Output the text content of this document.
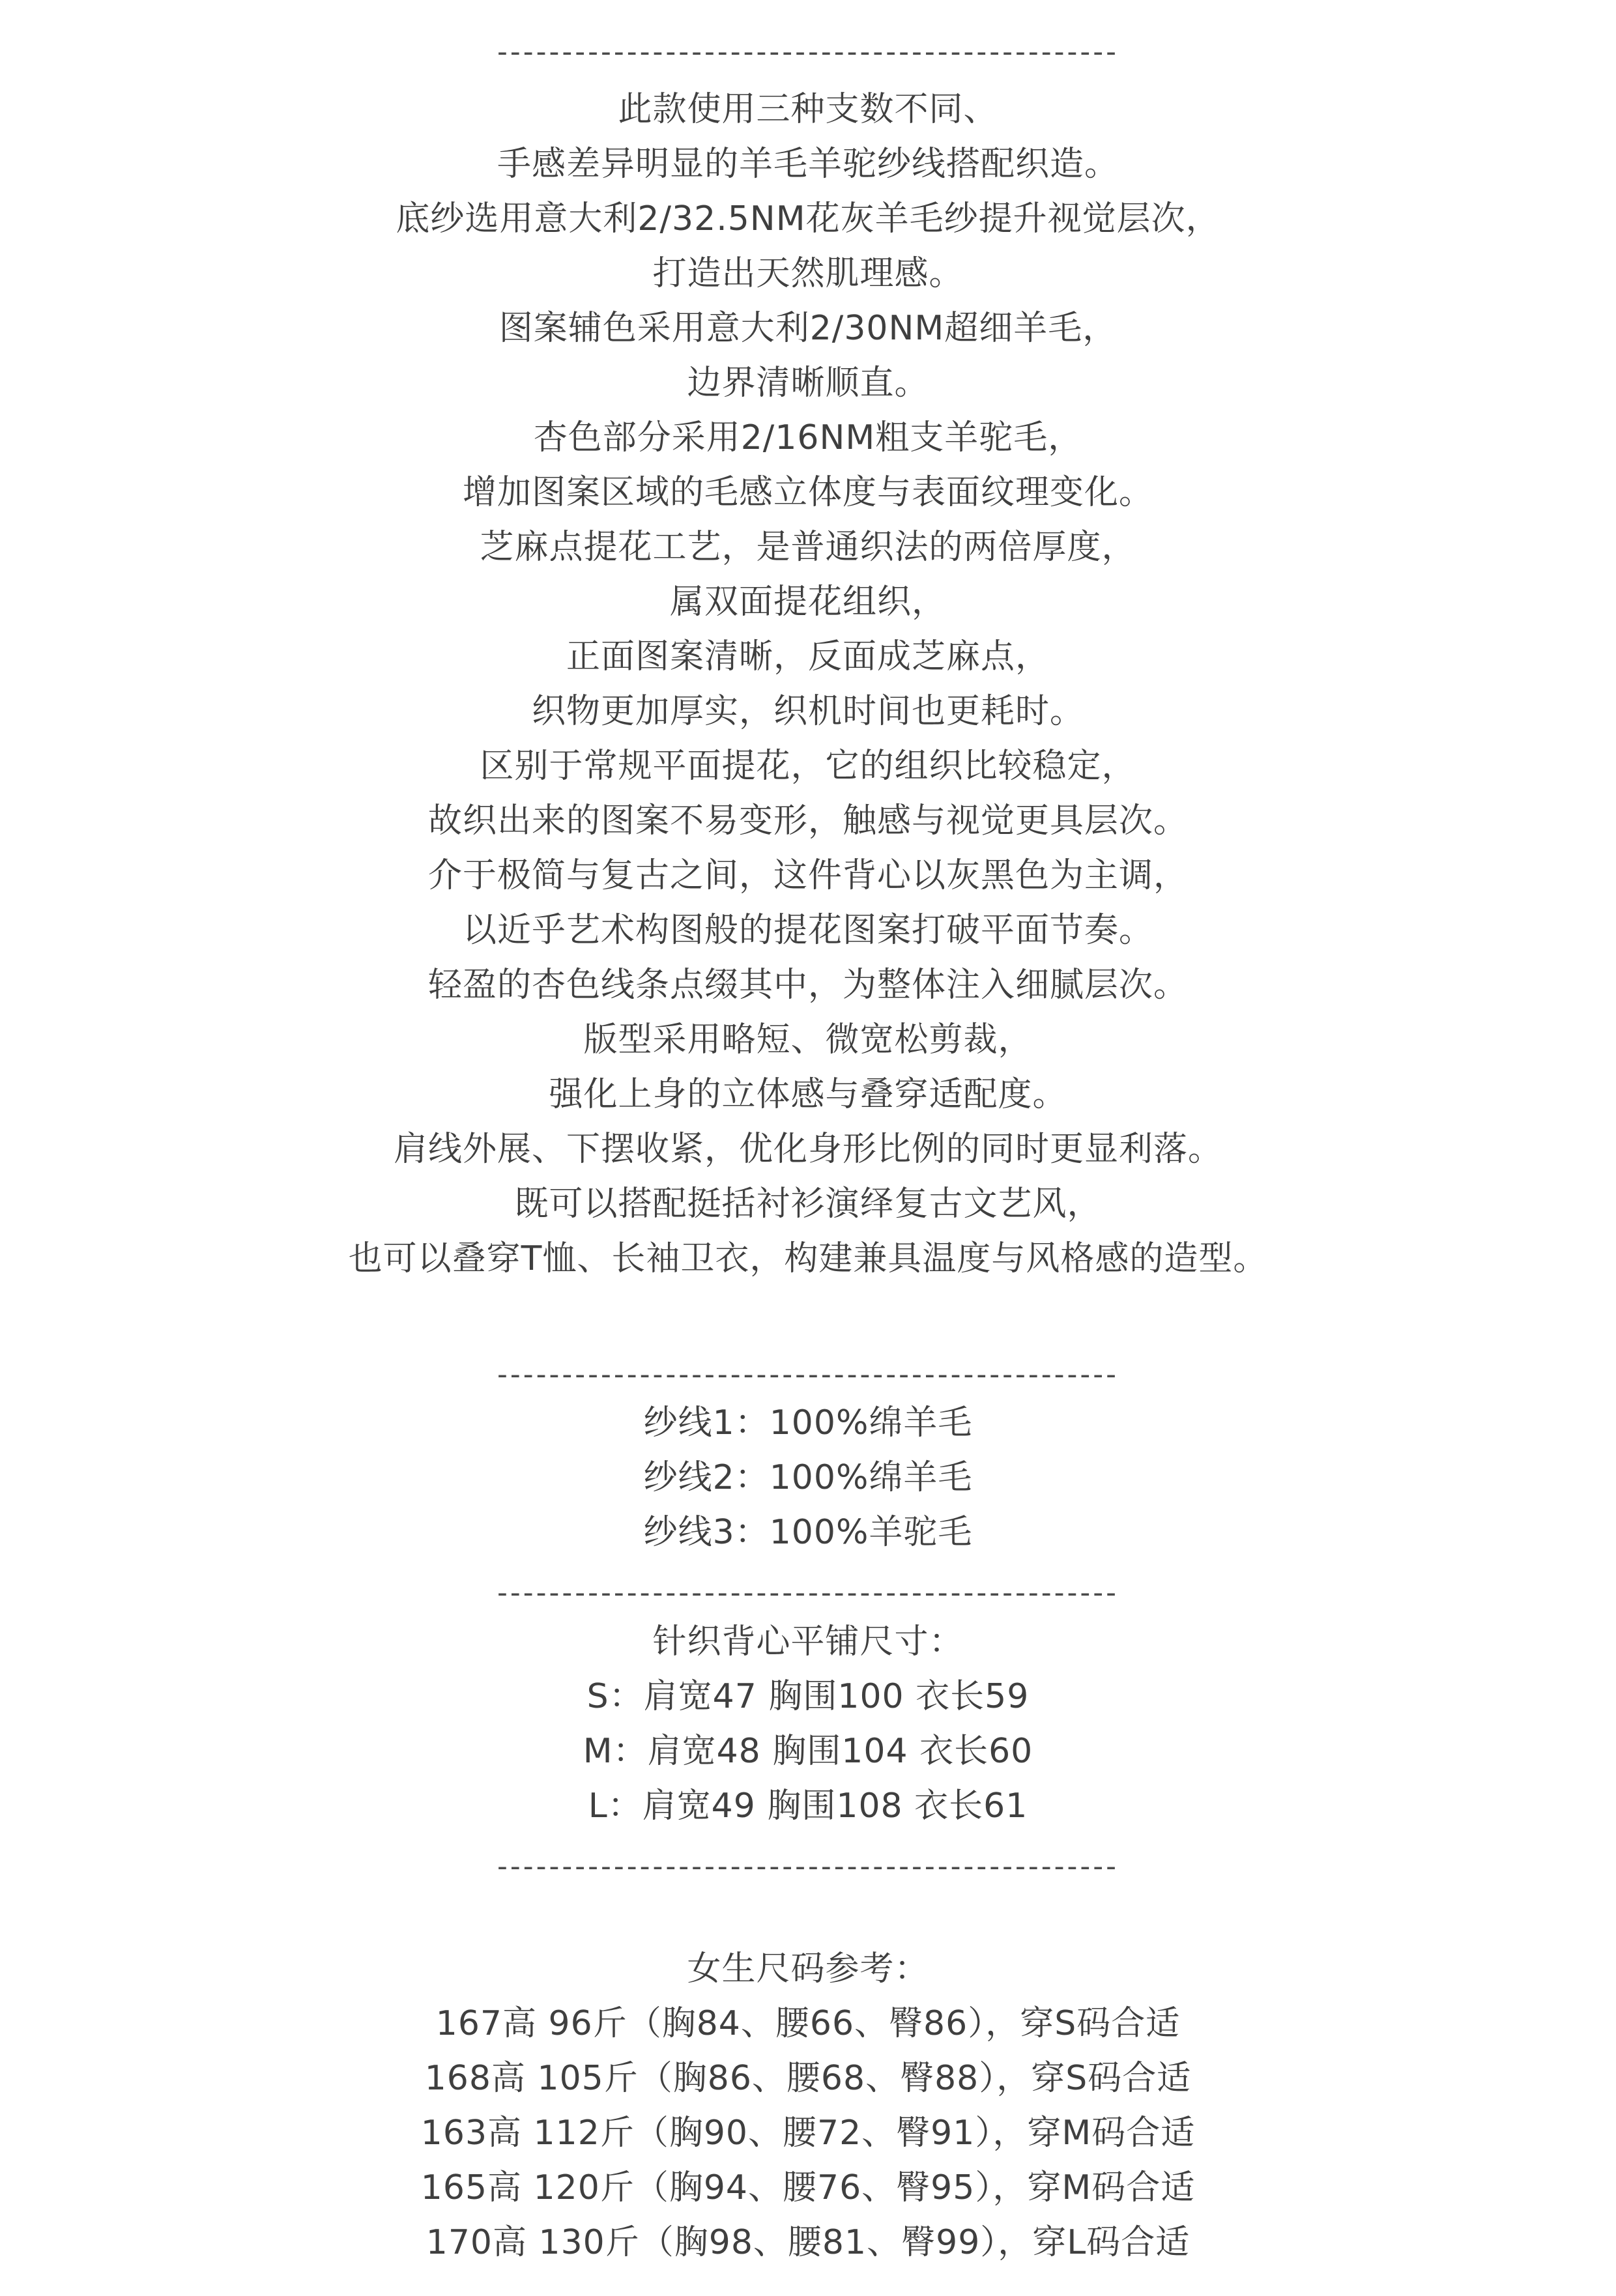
------------------------------------------------
此款使用三种支数不同、
手感差异明显的羊毛羊驼纱线搭配织造。
底纱选用意大利2/32.5NM花灰羊毛纱提升视觉层次，
打造出天然肌理感。
图案辅色采用意大利2/30NM超细羊毛，
边界清晰顺直。
杏色部分采用2/16NM粗支羊驼毛，
增加图案区域的毛感立体度与表面纹理变化。
芝麻点提花工艺，是普通织法的两倍厚度，
属双面提花组织，
正面图案清晰，反面成芝麻点，
织物更加厚实，织机时间也更耗时。
区别于常规平面提花，它的组织比较稳定，
故织出来的图案不易变形，触感与视觉更具层次。
介于极简与复古之间，这件背心以灰黑色为主调，
以近乎艺术构图般的提花图案打破平面节奏。
轻盈的杏色线条点缀其中，为整体注入细腻层次。
版型采用略短、微宽松剪裁，
强化上身的立体感与叠穿适配度。
肩线外展、下摆收紧，优化身形比例的同时更显利落。
既可以搭配挺括衬衫演绎复古文艺风，
也可以叠穿T恤、长袖卫衣，构建兼具温度与风格感的造型。
------------------------------------------------
纱线1：100%绵羊毛
纱线2：100%绵羊毛
纱线3：100%羊驼毛
------------------------------------------------
针织背心平铺尺寸：
S：肩宽47 胸围100 衣长59
M：肩宽48 胸围104 衣长60
L：肩宽49 胸围108 衣长61
------------------------------------------------
女生尺码参考：
167高 96斤（胸84、腰66、臀86），穿S码合适
168高 105斤（胸86、腰68、臀88），穿S码合适
163高 112斤（胸90、腰72、臀91），穿M码合适
165高 120斤（胸94、腰76、臀95），穿M码合适
170高 130斤（胸98、腰81、臀99），穿L码合适
